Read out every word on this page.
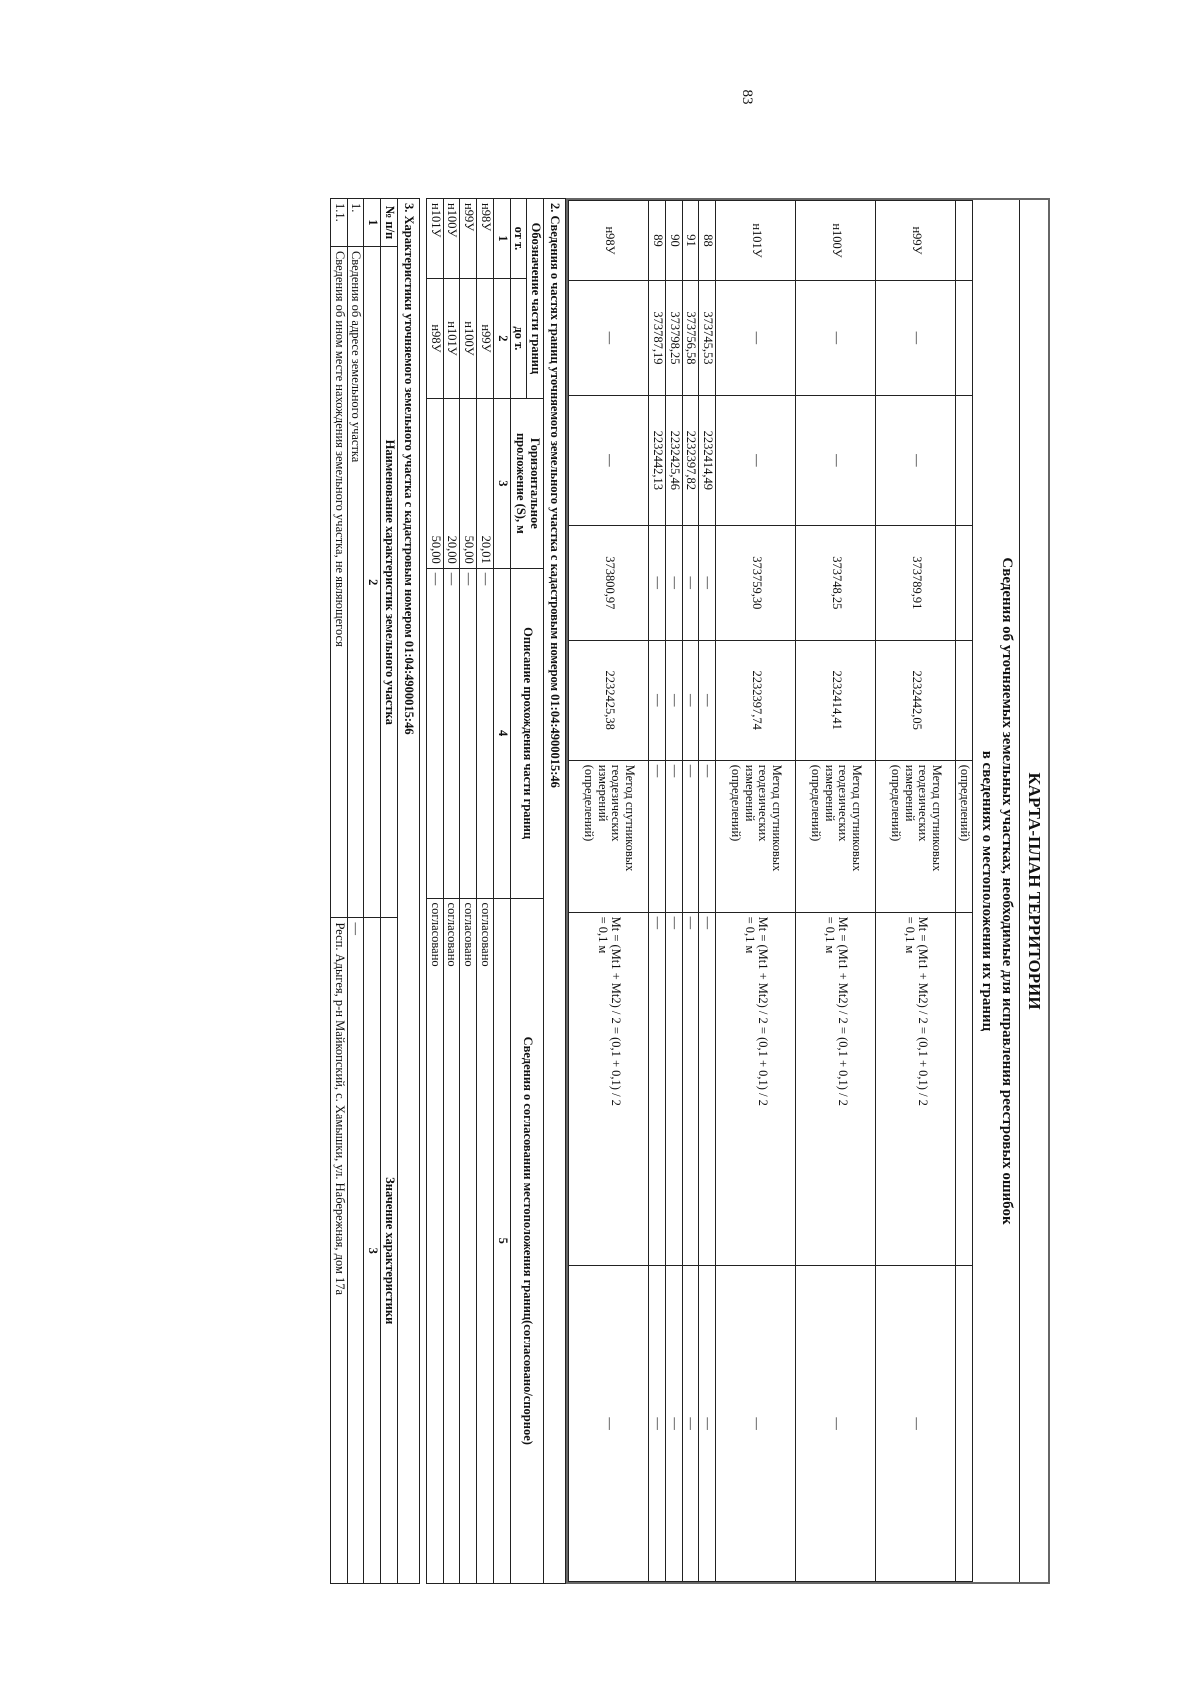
83
КАРТА-ПЛАН ТЕРРИТОРИИ
Сведения об уточняемых земельных участках, необходимые для исправления реестровых ошибок
в сведениях о местоположении их границ
					(определений)		
н99У	—	—	373789,91	2232442,05	Метод спутниковых
геодезических
измерений
(определений)	Mt = (Mt1 + Mt2) / 2 = (0,1 + 0,1) / 2
= 0,1 м	—
н100У	—	—	373748,25	2232414,41	Метод спутниковых
геодезических
измерений
(определений)	Mt = (Mt1 + Mt2) / 2 = (0,1 + 0,1) / 2
= 0,1 м	—
н101У	—	—	373759,30	2232397,74	Метод спутниковых
геодезических
измерений
(определений)	Mt = (Mt1 + Mt2) / 2 = (0,1 + 0,1) / 2
= 0,1 м	—
88	373745,53	2232414,49	—	—	—	—	—
91	373756,58	2232397,82	—	—	—	—	—
90	373798,25	2232425,46	—	—	—	—	—
89	373787,19	2232442,13	—	—	—	—	—
н98У	—	—	373800,97	2232425,38	Метод спутниковых
геодезических
измерений
(определений)	Mt = (Mt1 + Mt2) / 2 = (0,1 + 0,1) / 2
= 0,1 м	—
2. Сведения о частях границ уточняемого земельного участка с кадастровым номером 01:04:4900015:46
Обозначение части границ		Горизонтальное проложение (S), м	Описание прохождения части границ	Сведения о согласовании местоположения границ(согласовано/спорное)
от т.	до т.			
1	2	3	4	5
н98У	н99У	20,01	—	согласовано
н99У	н100У	50,00	—	согласовано
н100У	н101У	20,00	—	согласовано
н101У	н98У	50,00	—	согласовано
3. Характеристики уточняемого земельного участка с кадастровым номером 01:04:4900015:46
№ п/п	Наименование характеристик земельного участка	Значение характеристики
1	2	3
1.	Сведения об адресе земельного участка	—
1.1.	Сведения об ином месте нахождения земельного участка, не являющегося	Респ. Адыгея, р-н Майкопский, с. Хамышки, ул. Набережная, дом 17а
